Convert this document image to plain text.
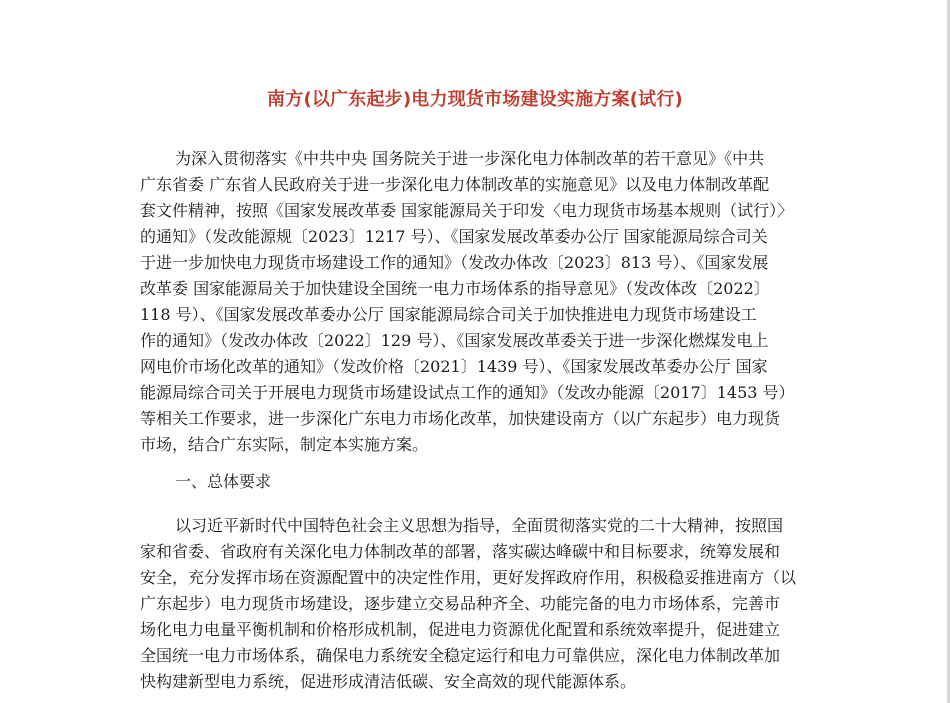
南方(以广东起步)电力现货市场建设实施方案(试行)
为深入贯彻落实《中共中央 国务院关于进一步深化电力体制改革的若干意见》《中共
广东省委 广东省人民政府关于进一步深化电力体制改革的实施意见》以及电力体制改革配
套文件精神，按照《国家发展改革委 国家能源局关于印发〈电力现货市场基本规则（试行）〉
的通知》（发改能源规〔2023〕1217 号）、《国家发展改革委办公厅 国家能源局综合司关
于进一步加快电力现货市场建设工作的通知》（发改办体改〔2023〕813 号）、《国家发展
改革委 国家能源局关于加快建设全国统一电力市场体系的指导意见》（发改体改〔2022〕
118 号）、《国家发展改革委办公厅 国家能源局综合司关于加快推进电力现货市场建设工
作的通知》（发改办体改〔2022〕129 号）、《国家发展改革委关于进一步深化燃煤发电上
网电价市场化改革的通知》（发改价格〔2021〕1439 号）、《国家发展改革委办公厅 国家
能源局综合司关于开展电力现货市场建设试点工作的通知》（发改办能源〔2017〕1453 号）
等相关工作要求，进一步深化广东电力市场化改革，加快建设南方（以广东起步）电力现货
市场，结合广东实际，制定本实施方案。
一、总体要求
以习近平新时代中国特色社会主义思想为指导，全面贯彻落实党的二十大精神，按照国
家和省委、省政府有关深化电力体制改革的部署，落实碳达峰碳中和目标要求，统筹发展和
安全，充分发挥市场在资源配置中的决定性作用，更好发挥政府作用，积极稳妥推进南方（以
广东起步）电力现货市场建设，逐步建立交易品种齐全、功能完备的电力市场体系，完善市
场化电力电量平衡机制和价格形成机制，促进电力资源优化配置和系统效率提升，促进建立
全国统一电力市场体系，确保电力系统安全稳定运行和电力可靠供应，深化电力体制改革加
快构建新型电力系统，促进形成清洁低碳、安全高效的现代能源体系。
